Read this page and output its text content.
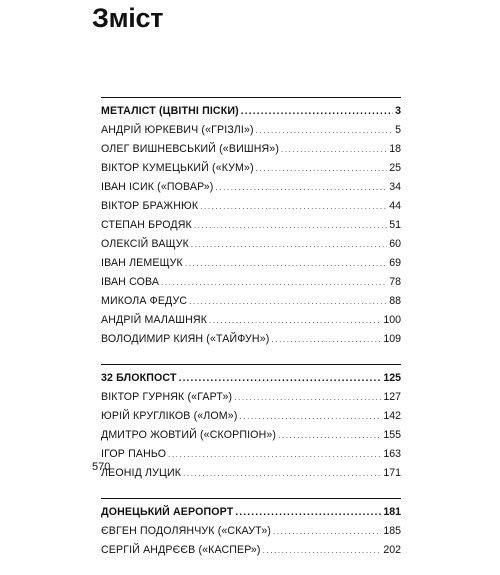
Зміст
МЕТАЛІСТ (ЦВІТНІ ПІСКИ) .....	3
АНДРІЙ ЮРКЕВИЧ («ГРІЗЛІ») .....	5
ОЛЕГ ВИШНЕВСЬКИЙ («ВИШНЯ») .....	18
ВІКТОР КУМЕЦЬКИЙ («КУМ») .....	25
ІВАН ІСИК («ПОВАР») .....	34
ВІКТОР БРАЖНЮК .....	44
СТЕПАН БРОДЯК .....	51
ОЛЕКСІЙ ВАЩУК .....	60
ІВАН ЛЕМЕЩУК .....	69
ІВАН СОВА .....	78
МИКОЛА ФЕДУС .....	88
АНДРІЙ МАЛАШНЯК .....	100
ВОЛОДИМИР КИЯН («ТАЙФУН») .....	109
32 БЛОКПОСТ .....	125
ВІКТОР ГУРНЯК («ГАРТ») .....	127
ЮРІЙ КРУГЛІКОВ («ЛОМ») .....	142
ДМИТРО ЖОВТИЙ («СКОРПІОН») .....	155
ІГОР ПАНЬО .....	163
ЛЕОНІД ЛУЦИК .....	171
ДОНЕЦЬКИЙ АЕРОПОРТ .....	181
ЄВГЕН ПОДОЛЯНЧУК («СКАУТ») .....	185
СЕРГІЙ АНДРЄЄВ («КАСПЕР») .....	202
570
